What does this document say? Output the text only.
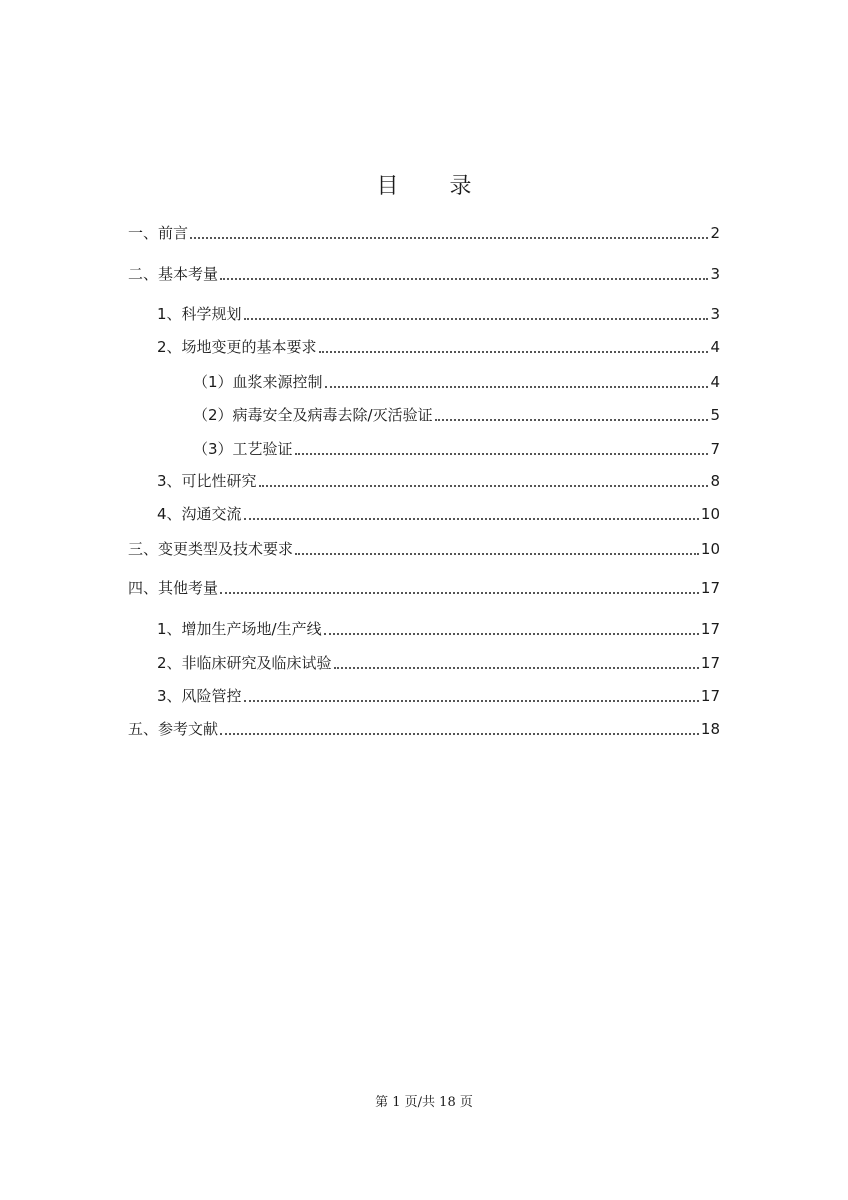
目 录
一、前言	2
二、基本考量	3
1、科学规划	3
2、场地变更的基本要求	4
（1）血浆来源控制	4
（2）病毒安全及病毒去除/灭活验证	5
（3）工艺验证	7
3、可比性研究	8
4、沟通交流	10
三、变更类型及技术要求	10
四、其他考量	17
1、增加生产场地/生产线	17
2、非临床研究及临床试验	17
3、风险管控	17
五、参考文献	18
第 1 页/共 18 页
